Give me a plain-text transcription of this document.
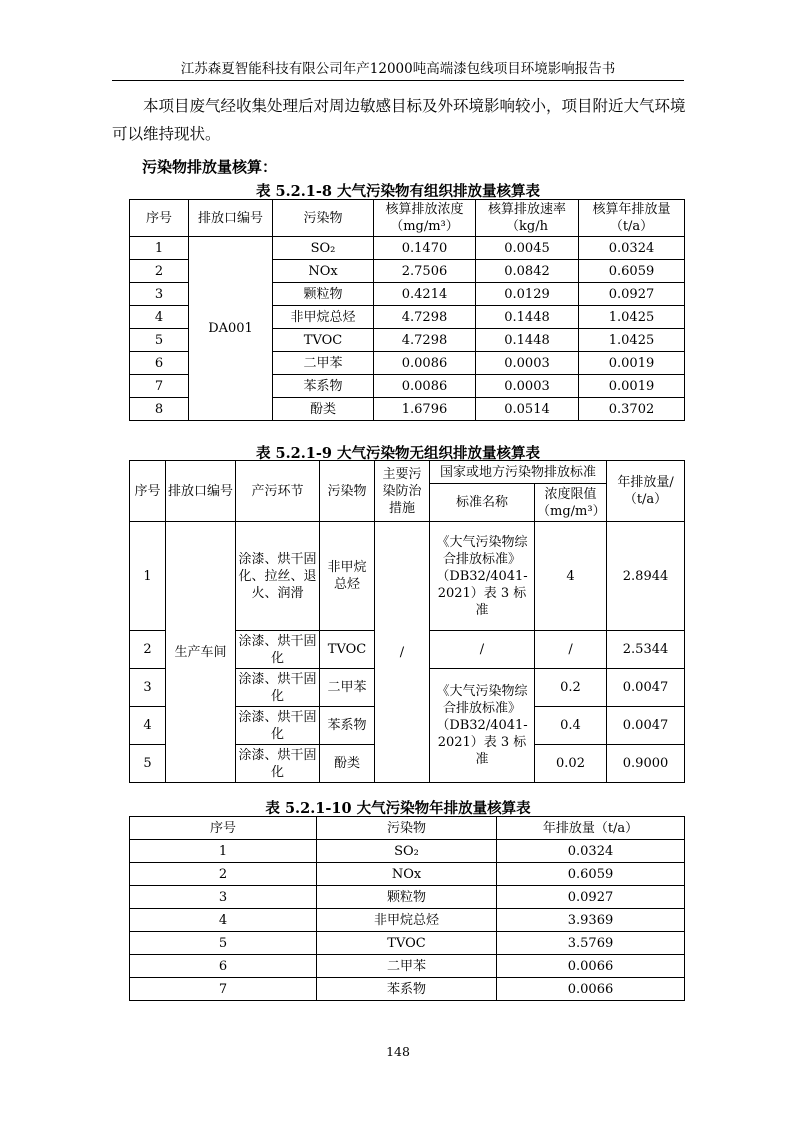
江苏森夏智能科技有限公司年产12000吨高端漆包线项目环境影响报告书

本项目废气经收集处理后对周边敏感目标及外环境影响较小，项目附近大气环境可以维持现状。

污染物排放量核算：
表 5.2.1-8 大气污染物有组织排放量核算表
序号	排放口编号	污染物	核算排放浓度（mg/m³）	核算排放速率（kg/h	核算年排放量（t/a）
1	DA001	SO₂	0.1470	0.0045	0.0324
2		NOx	2.7506	0.0842	0.6059
3		颗粒物	0.4214	0.0129	0.0927
4		非甲烷总烃	4.7298	0.1448	1.0425
5		TVOC	4.7298	0.1448	1.0425
6		二甲苯	0.0086	0.0003	0.0019
7		苯系物	0.0086	0.0003	0.0019
8		酚类	1.6796	0.0514	0.3702
表 5.2.1-9 大气污染物无组织排放量核算表
序号	排放口编号	产污环节	污染物	主要污染防治措施	国家或地方污染物排放标准		年排放量/（t/a）
					标准名称	浓度限值（mg/m³）	
1	生产车间	涂漆、烘干固化、拉丝、退火、润滑	非甲烷总烃	/	《大气污染物综合排放标准》（DB32/4041-2021）表 3 标准	4	2.8944
2		涂漆、烘干固化	TVOC		/	/	2.5344
3		涂漆、烘干固化	二甲苯		《大气污染物综合排放标准》（DB32/4041-2021）表 3 标准	0.2	0.0047
4		涂漆、烘干固化	苯系物			0.4	0.0047
5		涂漆、烘干固化	酚类			0.02	0.9000
表 5.2.1-10 大气污染物年排放量核算表
序号	污染物	年排放量（t/a）
1	SO₂	0.0324
2	NOx	0.6059
3	颗粒物	0.0927
4	非甲烷总烃	3.9369
5	TVOC	3.5769
6	二甲苯	0.0066
7	苯系物	0.0066
148
